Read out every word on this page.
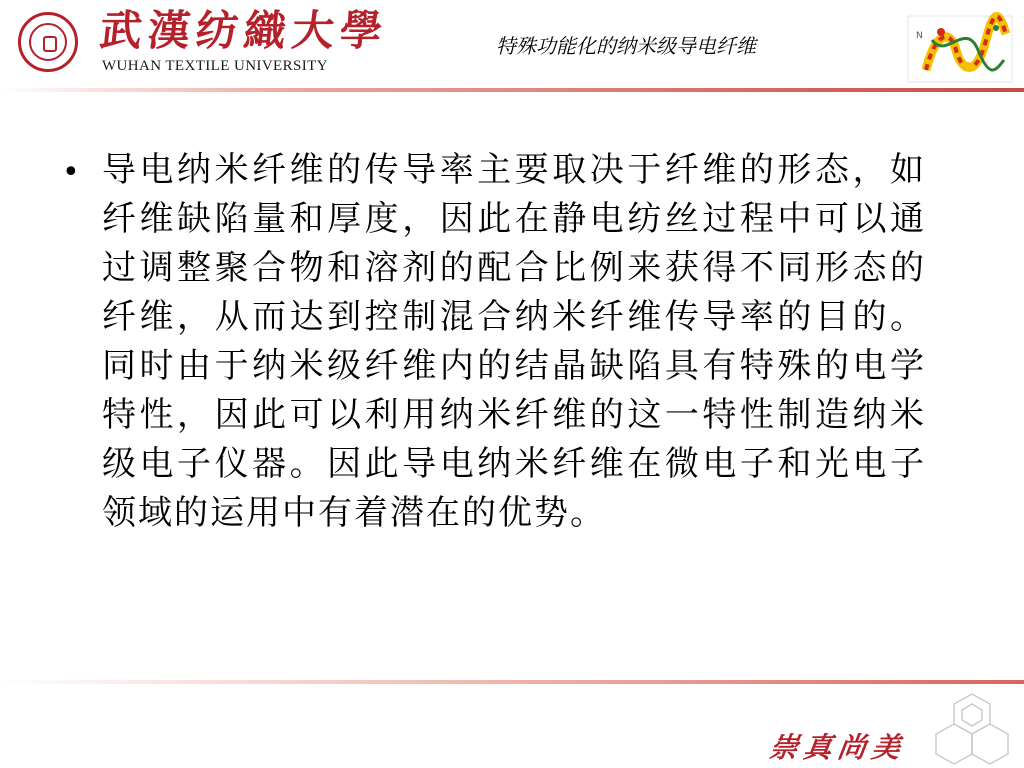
武漢纺織大學
WUHAN TEXTILE UNIVERSITY
特殊功能化的纳米级导电纤维	N
• 导电纳米纤维的传导率主要取决于纤维的形态，如纤维缺陷量和厚度，因此在静电纺丝过程中可以通过调整聚合物和溶剂的配合比例来获得不同形态的纤维，从而达到控制混合纳米纤维传导率的目的。同时由于纳米级纤维内的结晶缺陷具有特殊的电学特性，因此可以利用纳米纤维的这一特性制造纳米级电子仪器。因此导电纳米纤维在微电子和光电子领域的运用中有着潜在的优势。

崇真尚美
